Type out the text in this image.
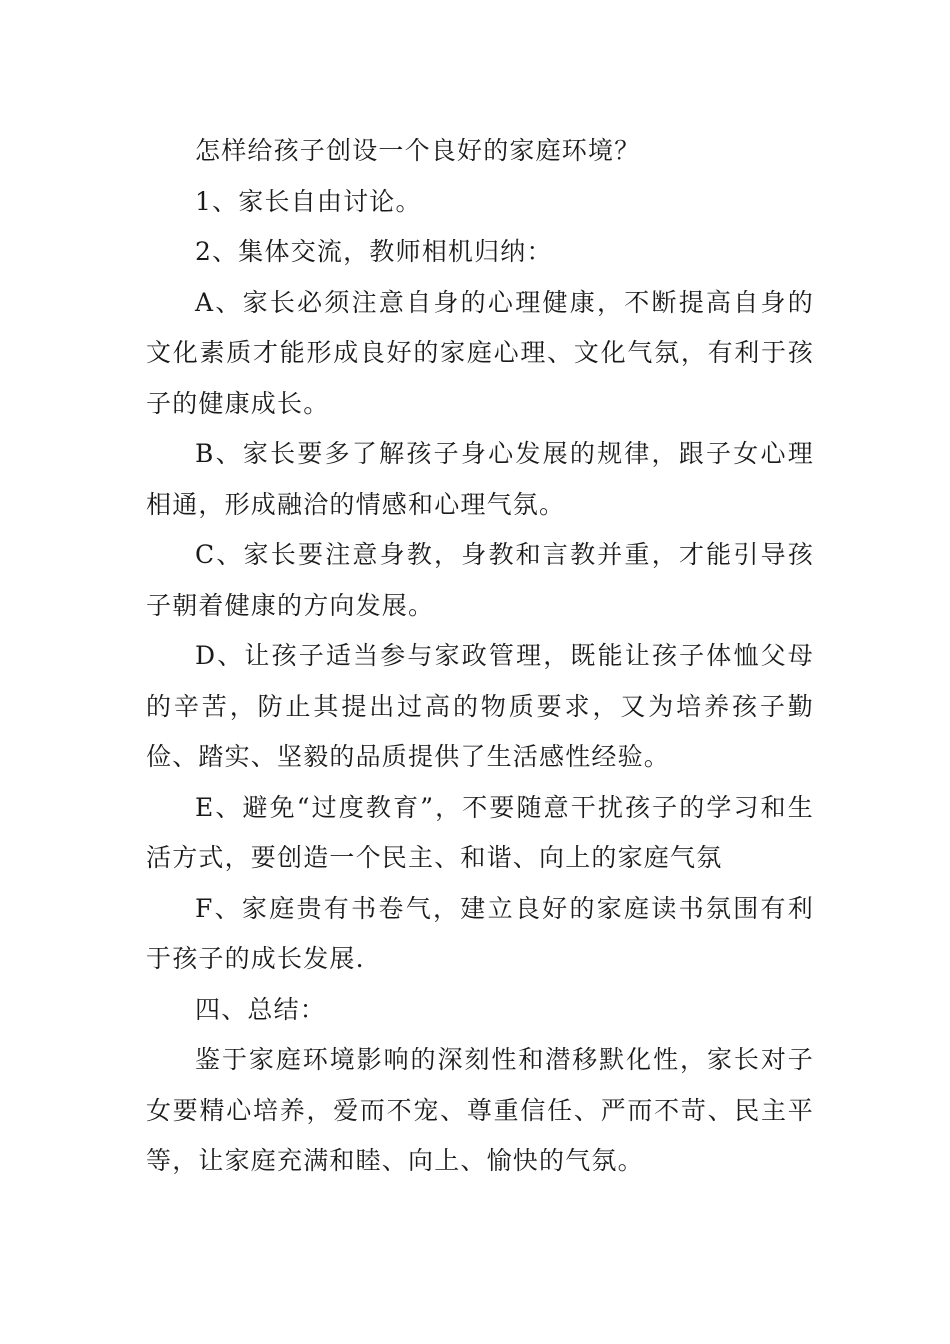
怎样给孩子创设一个良好的家庭环境？

1、家长自由讨论。

2、集体交流，教师相机归纳：

A、家长必须注意自身的心理健康，不断提高自身的文化素质才能形成良好的家庭心理、文化气氛，有利于孩子的健康成长。

B、家长要多了解孩子身心发展的规律，跟子女心理相通，形成融洽的情感和心理气氛。

C、家长要注意身教，身教和言教并重，才能引导孩子朝着健康的方向发展。

D、让孩子适当参与家政管理，既能让孩子体恤父母的辛苦，防止其提出过高的物质要求，又为培养孩子勤俭、踏实、坚毅的品质提供了生活感性经验。

E、避免“过度教育”，不要随意干扰孩子的学习和生活方式，要创造一个民主、和谐、向上的家庭气氛

F、家庭贵有书卷气，建立良好的家庭读书氛围有利于孩子的成长发展.

四、总结：

鉴于家庭环境影响的深刻性和潜移默化性，家长对子女要精心培养，爱而不宠、尊重信任、严而不苛、民主平等，让家庭充满和睦、向上、愉快的气氛。
